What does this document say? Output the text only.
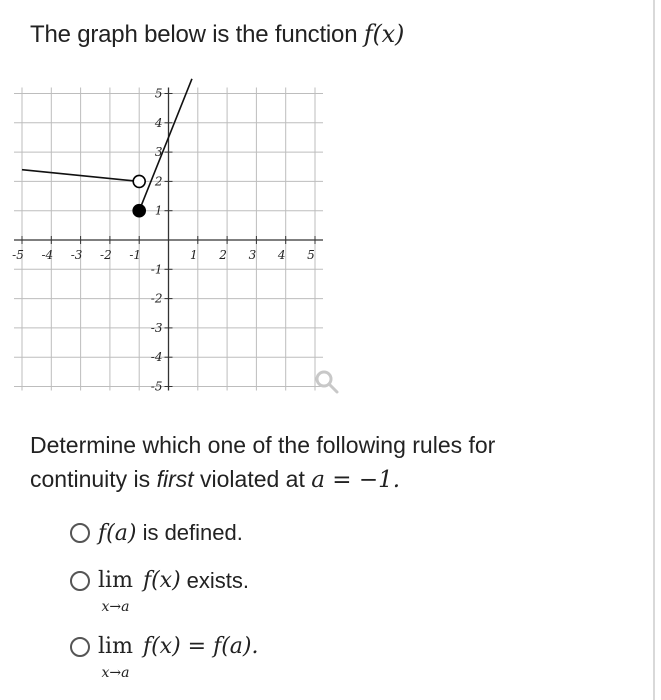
The graph below is the function f(x)
-5 -4 -3 -2 -1	1 2 3 4 5
5
4
3
2
1
-1
-2
-3
-4
-5
Determine which one of the following rules for continuity is first violated at a = −1.
f(a) is defined.
lim
x→a
f(x) exists.
lim
x→a
f(x) = f(a).
